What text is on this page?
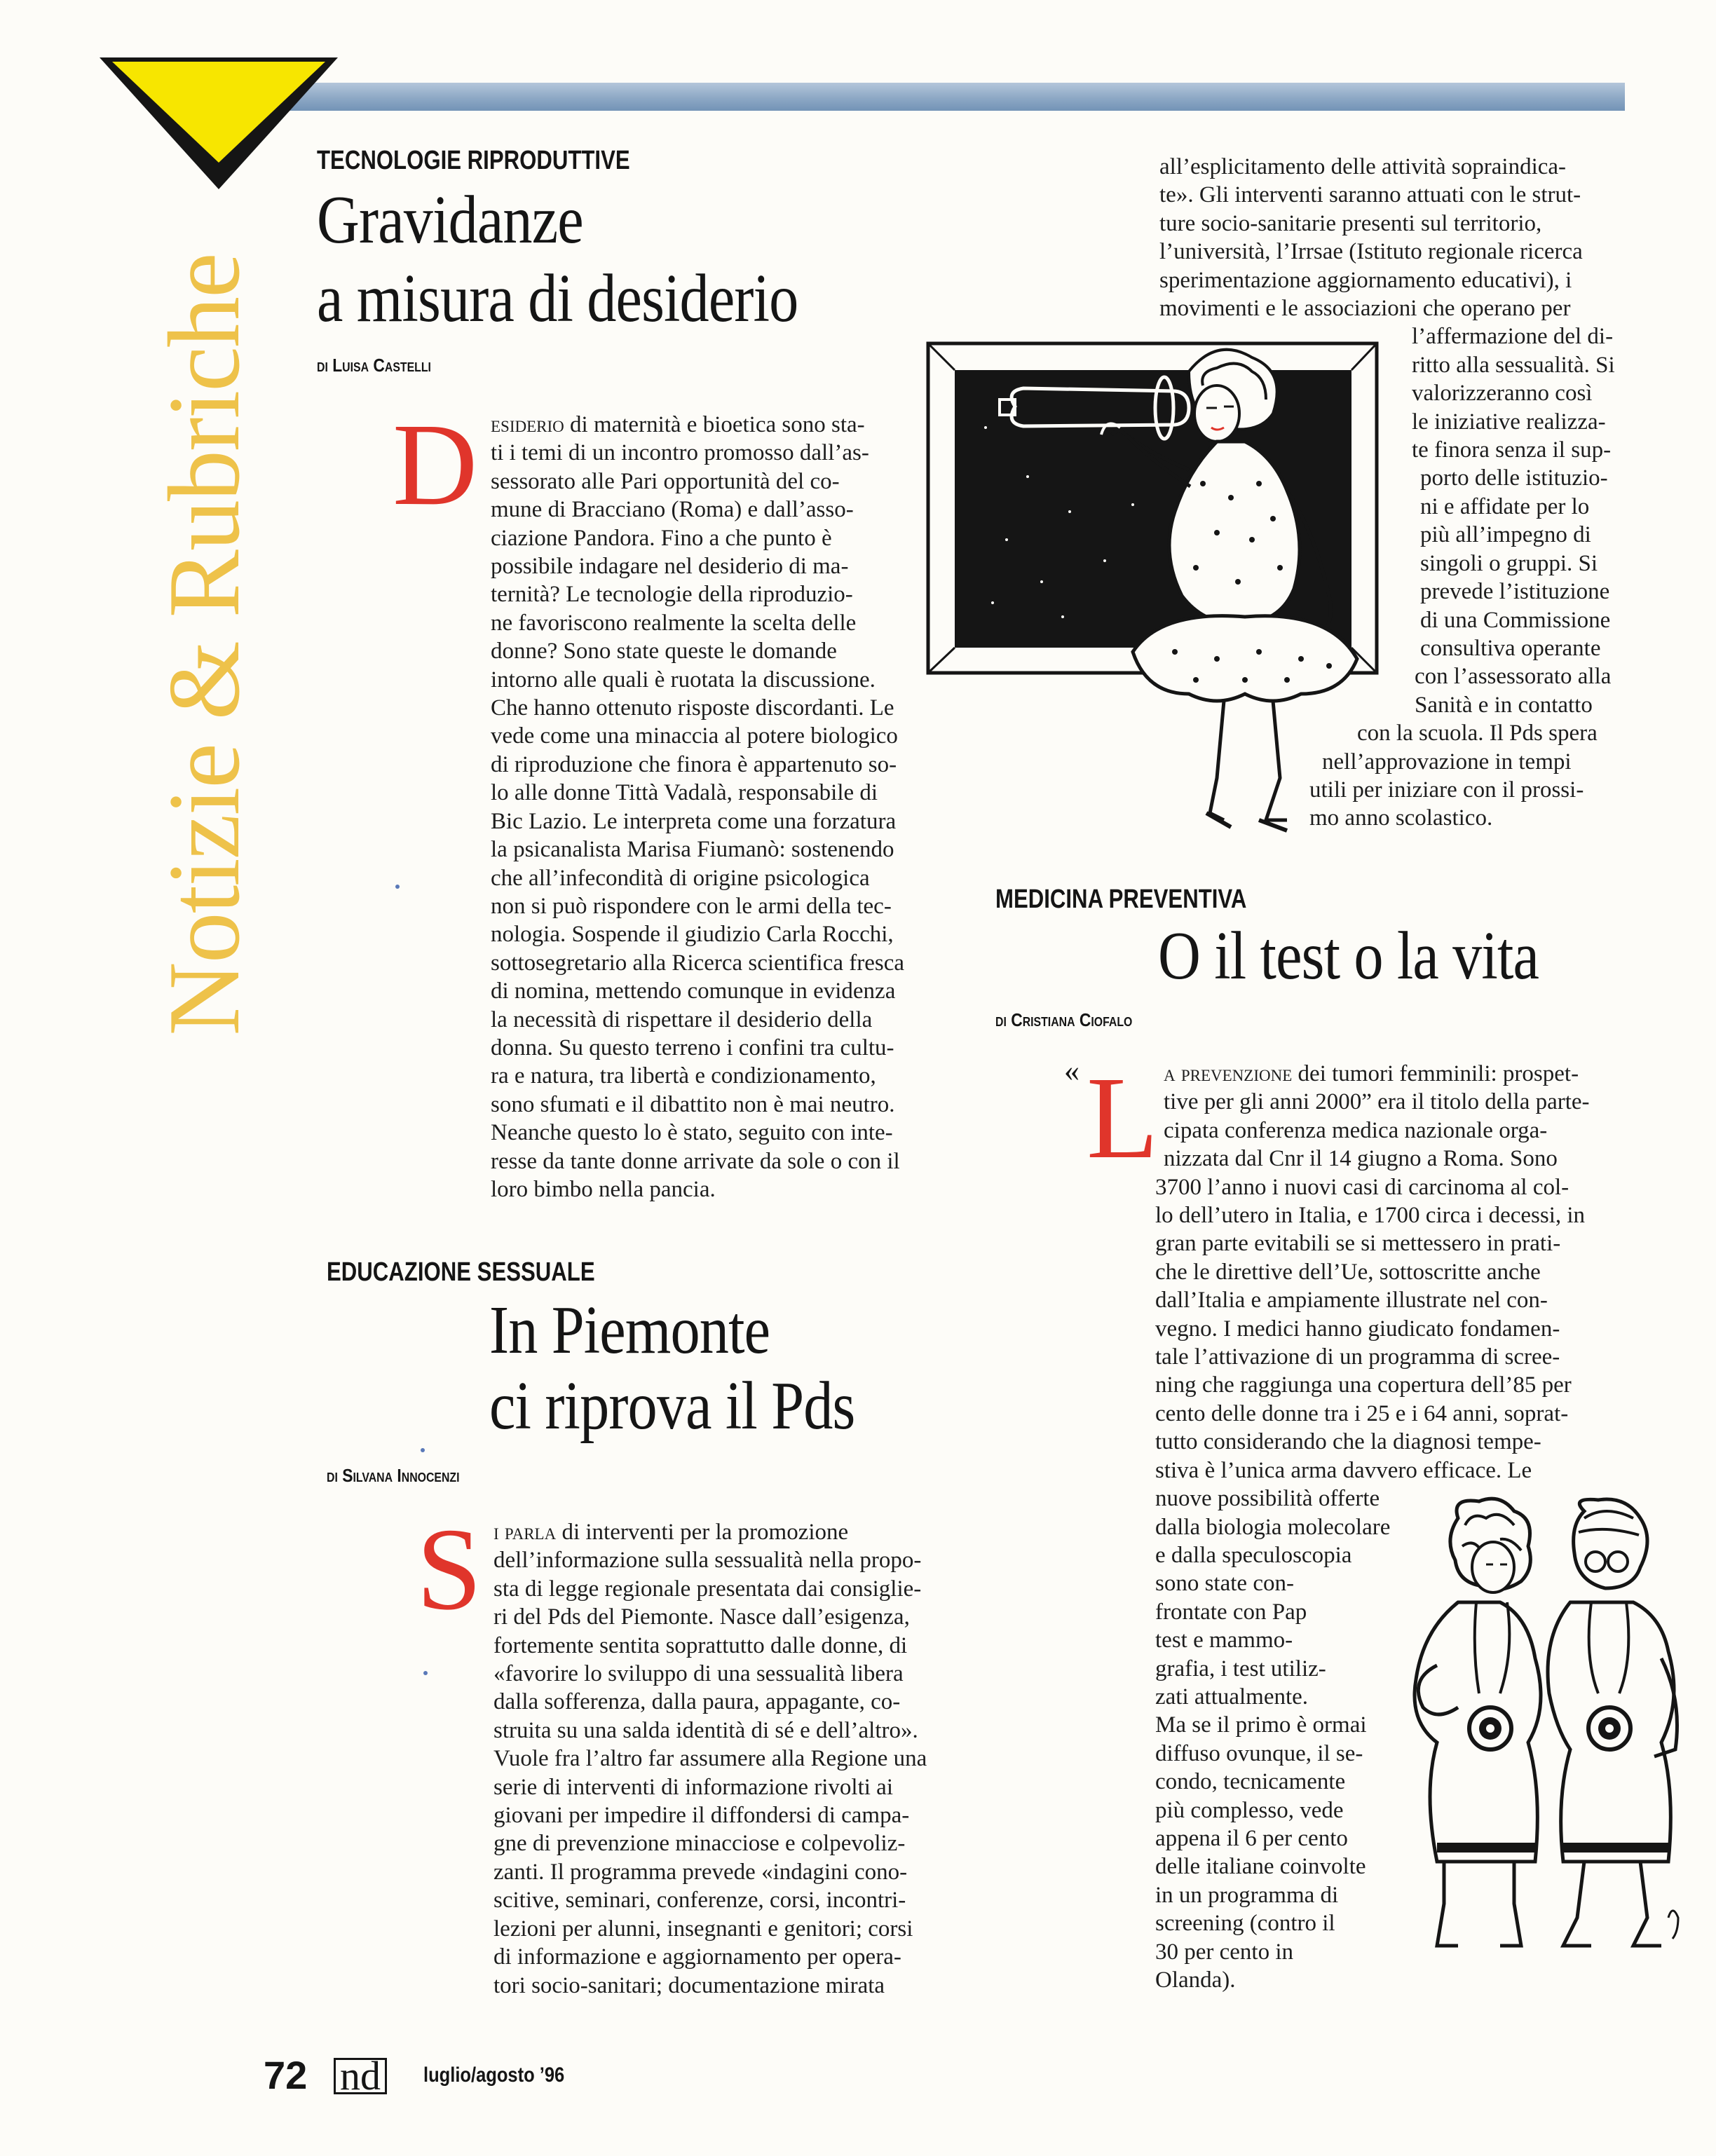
Notizie & Rubriche
TECNOLOGIE RIPRODUTTIVE
Gravidanze
a misura di desiderio
di Luisa Castelli
D esiderio di maternità e bioetica sono sta-
ti i temi di un incontro promosso dall’as-
sessorato alle Pari opportunità del co-
mune di Bracciano (Roma) e dall’asso-
ciazione Pandora. Fino a che punto è
possibile indagare nel desiderio di ma-
ternità? Le tecnologie della riproduzio-
ne favoriscono realmente la scelta delle
donne? Sono state queste le domande
intorno alle quali è ruotata la discussione.
Che hanno ottenuto risposte discordanti. Le
vede come una minaccia al potere biologico
di riproduzione che finora è appartenuto so-
lo alle donne Tittà Vadalà, responsabile di
Bic Lazio. Le interpreta come una forzatura
la psicanalista Marisa Fiumanò: sostenendo
che all’infecondità di origine psicologica
non si può rispondere con le armi della tec-
nologia. Sospende il giudizio Carla Rocchi,
sottosegretario alla Ricerca scientifica fresca
di nomina, mettendo comunque in evidenza
la necessità di rispettare il desiderio della
donna. Su questo terreno i confini tra cultu-
ra e natura, tra libertà e condizionamento,
sono sfumati e il dibattito non è mai neutro.
Neanche questo lo è stato, seguito con inte-
resse da tante donne arrivate da sole o con il
loro bimbo nella pancia.
EDUCAZIONE SESSUALE
In Piemonte
ci riprova il Pds
di Silvana Innocenzi
S i parla di interventi per la promozione
dell’informazione sulla sessualità nella propo-
sta di legge regionale presentata dai consiglie-
ri del Pds del Piemonte. Nasce dall’esigenza,
fortemente sentita soprattutto dalle donne, di
«favorire lo sviluppo di una sessualità libera
dalla sofferenza, dalla paura, appagante, co-
struita su una salda identità di sé e dell’altro».
Vuole fra l’altro far assumere alla Regione una
serie di interventi di informazione rivolti ai
giovani per impedire il diffondersi di campa-
gne di prevenzione minacciose e colpevoliz-
zanti. Il programma prevede «indagini cono-
scitive, seminari, conferenze, corsi, incontri-
lezioni per alunni, insegnanti e genitori; corsi
di informazione e aggiornamento per opera-
tori socio-sanitari; documentazione mirata
all’esplicitamento delle attività sopraindica-
te». Gli interventi saranno attuati con le strut-
ture socio-sanitarie presenti sul territorio,
l’università, l’Irrsae (Istituto regionale ricerca
sperimentazione aggiornamento educativi), i
movimenti e le associazioni che operano per
l’affermazione del di-
ritto alla sessualità. Si
valorizzeranno così
le iniziative realizza-
te finora senza il sup-
porto delle istituzio-
ni e affidate per lo
più all’impegno di
singoli o gruppi. Si
prevede l’istituzione
di una Commissione
consultiva operante
con l’assessorato alla
Sanità e in contatto
con la scuola. Il Pds spera
nell’approvazione in tempi
utili per iniziare con il prossi-
mo anno scolastico.
MEDICINA PREVENTIVA
O il test o la vita
di Cristiana Ciofalo
« L a prevenzione dei tumori femminili: prospet-
tive per gli anni 2000” era il titolo della parte-
cipata conferenza medica nazionale orga-
nizzata dal Cnr il 14 giugno a Roma. Sono
3700 l’anno i nuovi casi di carcinoma al col-
lo dell’utero in Italia, e 1700 circa i decessi, in
gran parte evitabili se si mettessero in prati-
che le direttive dell’Ue, sottoscritte anche
dall’Italia e ampiamente illustrate nel con-
vegno. I medici hanno giudicato fondamen-
tale l’attivazione di un programma di scree-
ning che raggiunga una copertura dell’85 per
cento delle donne tra i 25 e i 64 anni, soprat-
tutto considerando che la diagnosi tempe-
stiva è l’unica arma davvero efficace. Le
nuove possibilità offerte
dalla biologia molecolare
e dalla speculoscopia
sono state con-
frontate con Pap
test e mammo-
grafia, i test utiliz-
zati attualmente.
Ma se il primo è ormai
diffuso ovunque, il se-
condo, tecnicamente
più complesso, vede
appena il 6 per cento
delle italiane coinvolte
in un programma di
screening (contro il
30 per cento in
Olanda).
72 nd	luglio/agosto ’96
